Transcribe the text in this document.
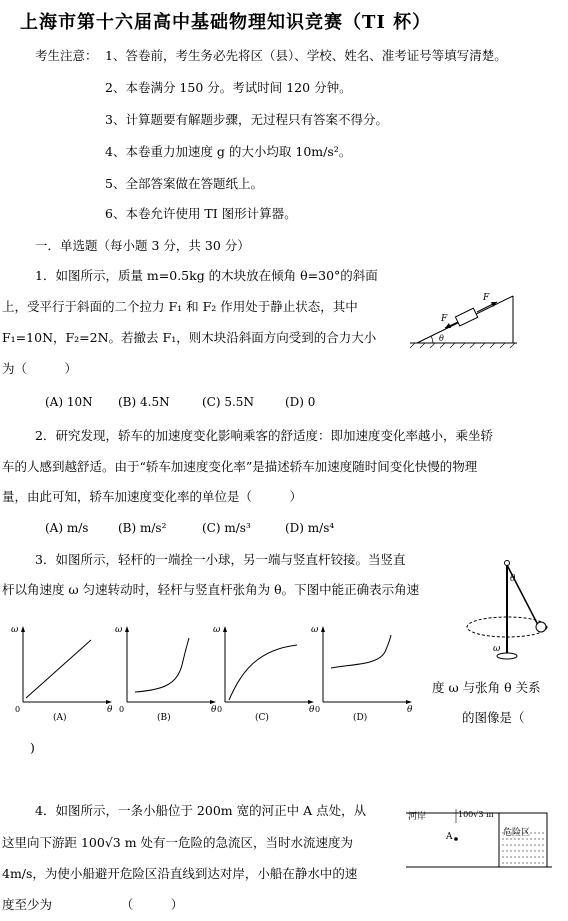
上海市第十六届高中基础物理知识竞赛（TI 杯）
考生注意： 1、答卷前，考生务必先将区（县）、学校、姓名、准考证号等填写清楚。
2、本卷满分 150 分。考试时间 120 分钟。
3、计算题要有解题步骤，无过程只有答案不得分。
4、本卷重力加速度 g 的大小均取 10m/s²。
5、全部答案做在答题纸上。
6、本卷允许使用 TI 图形计算器。
一．单选题（每小题 3 分，共 30 分）
1．如图所示，质量 m=0.5kg 的木块放在倾角 θ=30°的斜面
上，受平行于斜面的二个拉力 F₁ 和 F₂ 作用处于静止状态，其中
F₁=10N，F₂=2N。若撤去 F₁，则木块沿斜面方向受到的合力大小
为（　　　）
(A) 10N (B) 4.5N	(C) 5.5N	(D) 0
F
F
θ
2．研究发现，轿车的加速度变化影响乘客的舒适度：即加速度变化率越小，乘坐轿
车的人感到越舒适。由于“轿车加速度变化率”是描述轿车加速度随时间变化快慢的物理
量，由此可知，轿车加速度变化率的单位是（　　　）
(A) m/s (B) m/s²	(C) m/s³	(D) m/s⁴
3．如图所示，轻杆的一端拴一小球，另一端与竖直杆铰接。当竖直
杆以角速度 ω 匀速转动时，轻杆与竖直杆张角为 θ。下图中能正确表示角速
度 ω 与张角 θ 关系
的图像是（
)
θ
ω
ω
θ
0
(A)
ω
θ
0
(B)
ω
θ
0
(C)
ω
θ
0
(D)
4．如图所示，一条小船位于 200m 宽的河正中 A 点处，从
这里向下游距 100√3 m 处有一危险的急流区，当时水流速度为
4m/s，为使小船避开危险区沿直线到达对岸，小船在静水中的速
度至少为　　　　　　（　　　）
河岸	100√3 m
A	危险区
